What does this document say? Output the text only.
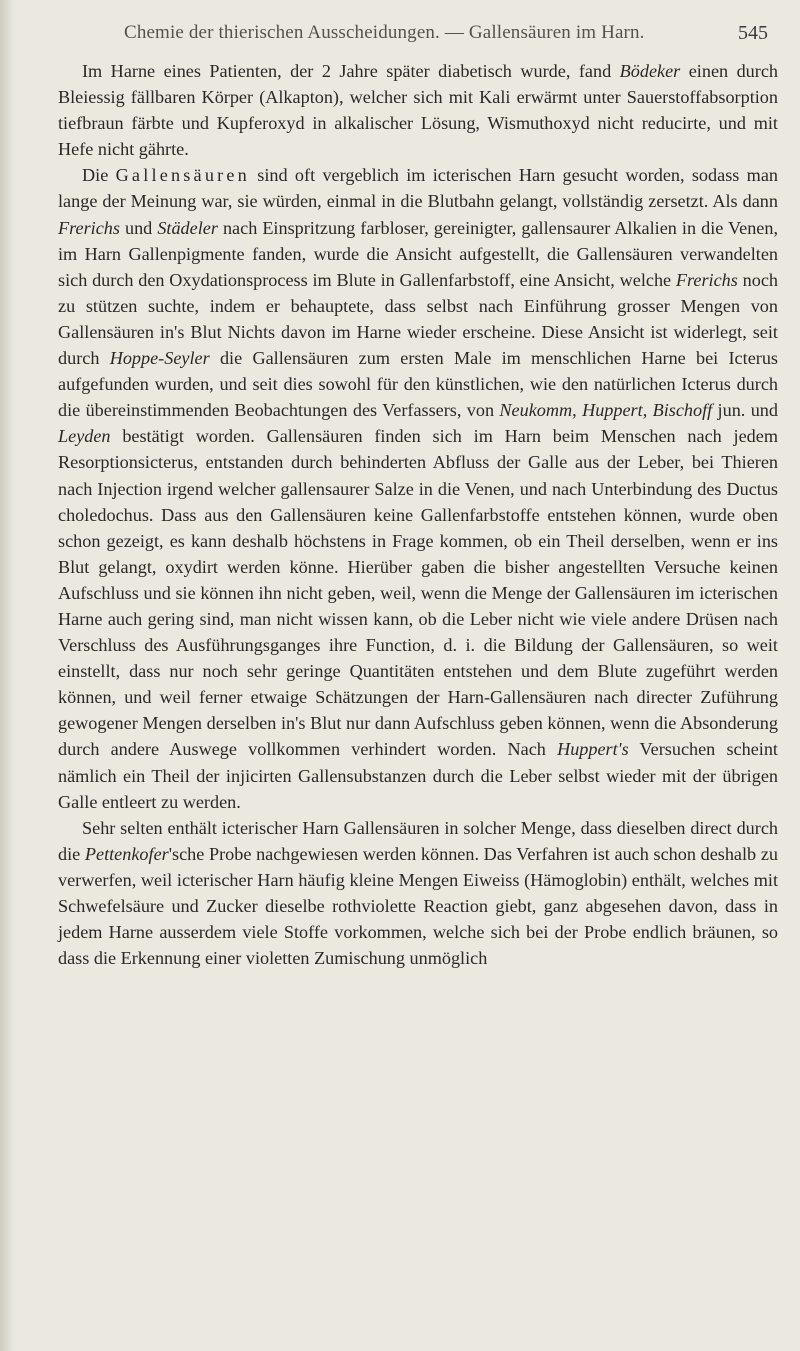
Chemie der thierischen Ausscheidungen. — Gallensäuren im Harn.	545

Im Harne eines Patienten, der 2 Jahre später diabetisch wurde, fand Bödeker einen durch Bleiessig fällbaren Körper (Alkapton), welcher sich mit Kali erwärmt unter Sauerstoffabsorption tiefbraun färbte und Kupferoxyd in alkalischer Lösung, Wismuthoxyd nicht reducirte, und mit Hefe nicht gährte.

Die Gallensäuren sind oft vergeblich im icterischen Harn gesucht worden, sodass man lange der Meinung war, sie würden, einmal in die Blutbahn gelangt, vollständig zersetzt. Als dann Frerichs und Städeler nach Einspritzung farbloser, gereinigter, gallensaurer Alkalien in die Venen, im Harn Gallenpigmente fanden, wurde die Ansicht aufgestellt, die Gallensäuren verwandelten sich durch den Oxydationsprocess im Blute in Gallenfarbstoff, eine Ansicht, welche Frerichs noch zu stützen suchte, indem er behauptete, dass selbst nach Einführung grosser Mengen von Gallensäuren in's Blut Nichts davon im Harne wieder erscheine. Diese Ansicht ist widerlegt, seit durch Hoppe-Seyler die Gallensäuren zum ersten Male im menschlichen Harne bei Icterus aufgefunden wurden, und seit dies sowohl für den künstlichen, wie den natürlichen Icterus durch die übereinstimmenden Beobachtungen des Verfassers, von Neukomm, Huppert, Bischoff jun. und Leyden bestätigt worden. Gallensäuren finden sich im Harn beim Menschen nach jedem Resorptionsicterus, entstanden durch behinderten Abfluss der Galle aus der Leber, bei Thieren nach Injection irgend welcher gallensaurer Salze in die Venen, und nach Unterbindung des Ductus choledochus. Dass aus den Gallensäuren keine Gallenfarbstoffe entstehen können, wurde oben schon gezeigt, es kann deshalb höchstens in Frage kommen, ob ein Theil derselben, wenn er ins Blut gelangt, oxydirt werden könne. Hierüber gaben die bisher angestellten Versuche keinen Aufschluss und sie können ihn nicht geben, weil, wenn die Menge der Gallensäuren im icterischen Harne auch gering sind, man nicht wissen kann, ob die Leber nicht wie viele andere Drüsen nach Verschluss des Ausführungsganges ihre Function, d. i. die Bildung der Gallensäuren, so weit einstellt, dass nur noch sehr geringe Quantitäten entstehen und dem Blute zugeführt werden können, und weil ferner etwaige Schätzungen der Harn-Gallensäuren nach directer Zuführung gewogener Mengen derselben in's Blut nur dann Aufschluss geben können, wenn die Absonderung durch andere Auswege vollkommen verhindert worden. Nach Huppert's Versuchen scheint nämlich ein Theil der injicirten Gallensubstanzen durch die Leber selbst wieder mit der übrigen Galle entleert zu werden.

Sehr selten enthält icterischer Harn Gallensäuren in solcher Menge, dass dieselben direct durch die Pettenkofer'sche Probe nachgewiesen werden können. Das Verfahren ist auch schon deshalb zu verwerfen, weil icterischer Harn häufig kleine Mengen Eiweiss (Hämoglobin) enthält, welches mit Schwefelsäure und Zucker dieselbe rothviolette Reaction giebt, ganz abgesehen davon, dass in jedem Harne ausserdem viele Stoffe vorkommen, welche sich bei der Probe endlich bräunen, so dass die Erkennung einer violetten Zumischung unmöglich
